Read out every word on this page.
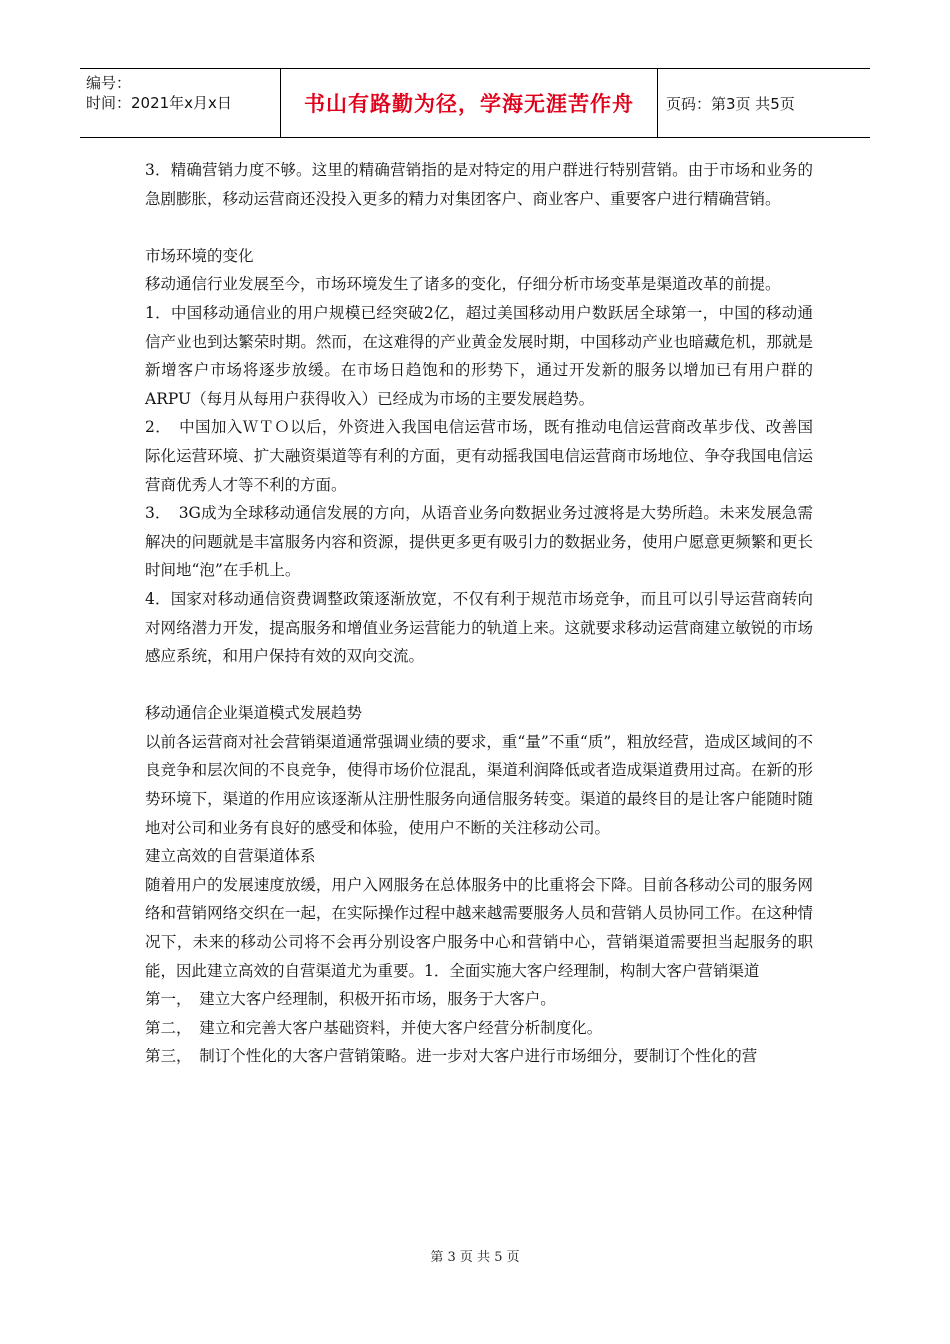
编号：
时间：2021年x月x日	书山有路勤为径，学海无涯苦作舟	页码：第3页 共5页

3．精确营销力度不够。这里的精确营销指的是对特定的用户群进行特别营销。由于市场和业务的急剧膨胀，移动运营商还没投入更多的精力对集团客户、商业客户、重要客户进行精确营销。

市场环境的变化

移动通信行业发展至今，市场环境发生了诸多的变化，仔细分析市场变革是渠道改革的前提。

1．中国移动通信业的用户规模已经突破2亿，超过美国移动用户数跃居全球第一，中国的移动通信产业也到达繁荣时期。然而，在这难得的产业黄金发展时期，中国移动产业也暗藏危机，那就是新增客户市场将逐步放缓。在市场日趋饱和的形势下，通过开发新的服务以增加已有用户群的ARPU（每月从每用户获得收入）已经成为市场的主要发展趋势。

2．　中国加入ＷＴＯ以后，外资进入我国电信运营市场，既有推动电信运营商改革步伐、改善国际化运营环境、扩大融资渠道等有利的方面，更有动摇我国电信运营商市场地位、争夺我国电信运营商优秀人才等不利的方面。

3．　3G成为全球移动通信发展的方向，从语音业务向数据业务过渡将是大势所趋。未来发展急需解决的问题就是丰富服务内容和资源，提供更多更有吸引力的数据业务，使用户愿意更频繁和更长时间地“泡”在手机上。

4．国家对移动通信资费调整政策逐渐放宽，不仅有利于规范市场竞争，而且可以引导运营商转向对网络潜力开发，提高服务和增值业务运营能力的轨道上来。这就要求移动运营商建立敏锐的市场感应系统，和用户保持有效的双向交流。

移动通信企业渠道模式发展趋势

以前各运营商对社会营销渠道通常强调业绩的要求，重“量”不重“质”，粗放经营，造成区域间的不良竞争和层次间的不良竞争，使得市场价位混乱，渠道利润降低或者造成渠道费用过高。在新的形势环境下，渠道的作用应该逐渐从注册性服务向通信服务转变。渠道的最终目的是让客户能随时随地对公司和业务有良好的感受和体验，使用户不断的关注移动公司。

建立高效的自营渠道体系

随着用户的发展速度放缓，用户入网服务在总体服务中的比重将会下降。目前各移动公司的服务网络和营销网络交织在一起，在实际操作过程中越来越需要服务人员和营销人员协同工作。在这种情况下，未来的移动公司将不会再分别设客户服务中心和营销中心，营销渠道需要担当起服务的职能，因此建立高效的自营渠道尤为重要。1．全面实施大客户经理制，构制大客户营销渠道

第一，　建立大客户经理制，积极开拓市场，服务于大客户。

第二，　建立和完善大客户基础资料，并使大客户经营分析制度化。

第三，　制订个性化的大客户营销策略。进一步对大客户进行市场细分，要制订个性化的营

第 3 页 共 5 页
